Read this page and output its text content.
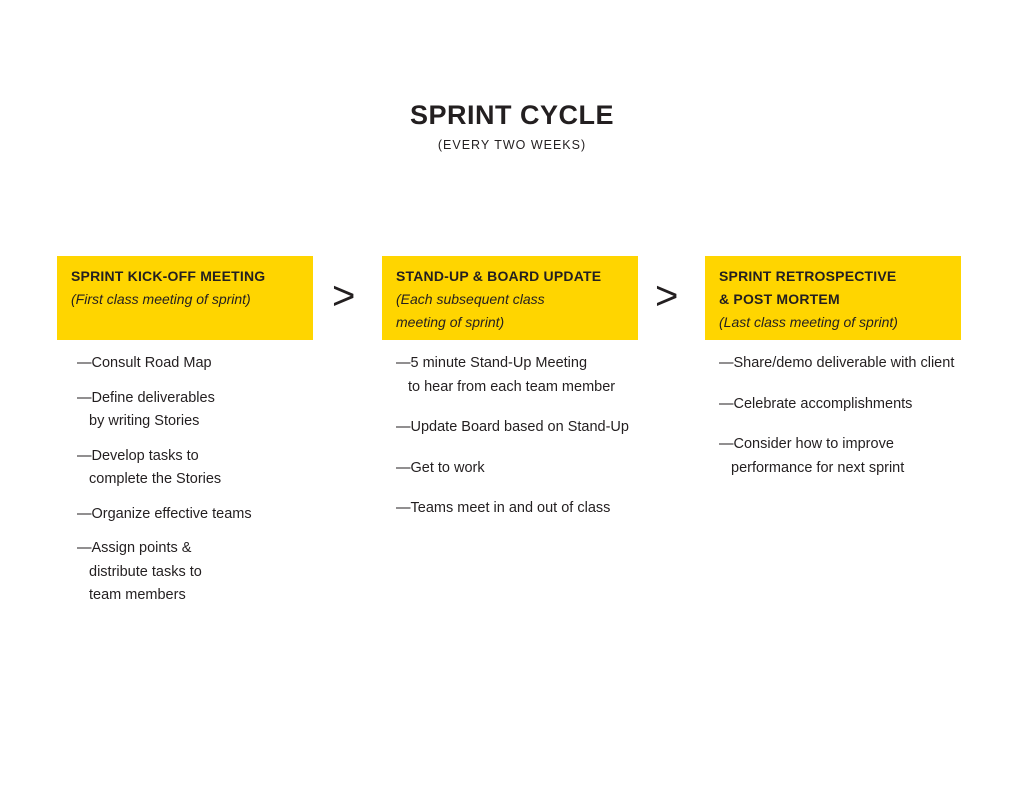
SPRINT CYCLE
(EVERY TWO WEEKS)
SPRINT KICK-OFF MEETING
(First class meeting of sprint)	>	STAND-UP & BOARD UPDATE
(Each subsequent class
meeting of sprint)
>	SPRINT RETROSPECTIVE
& POST MORTEM
(Last class meeting of sprint)
—Consult Road Map
—Define deliverables
by writing Stories
—Develop tasks to
complete the Stories
—Organize effective teams
—Assign points &
distribute tasks to
team members
—5 minute Stand-Up Meeting
to hear from each team member
—Update Board based on Stand-Up
—Get to work
—Teams meet in and out of class
—Share/demo deliverable with client
—Celebrate accomplishments
—Consider how to improve
performance for next sprint
